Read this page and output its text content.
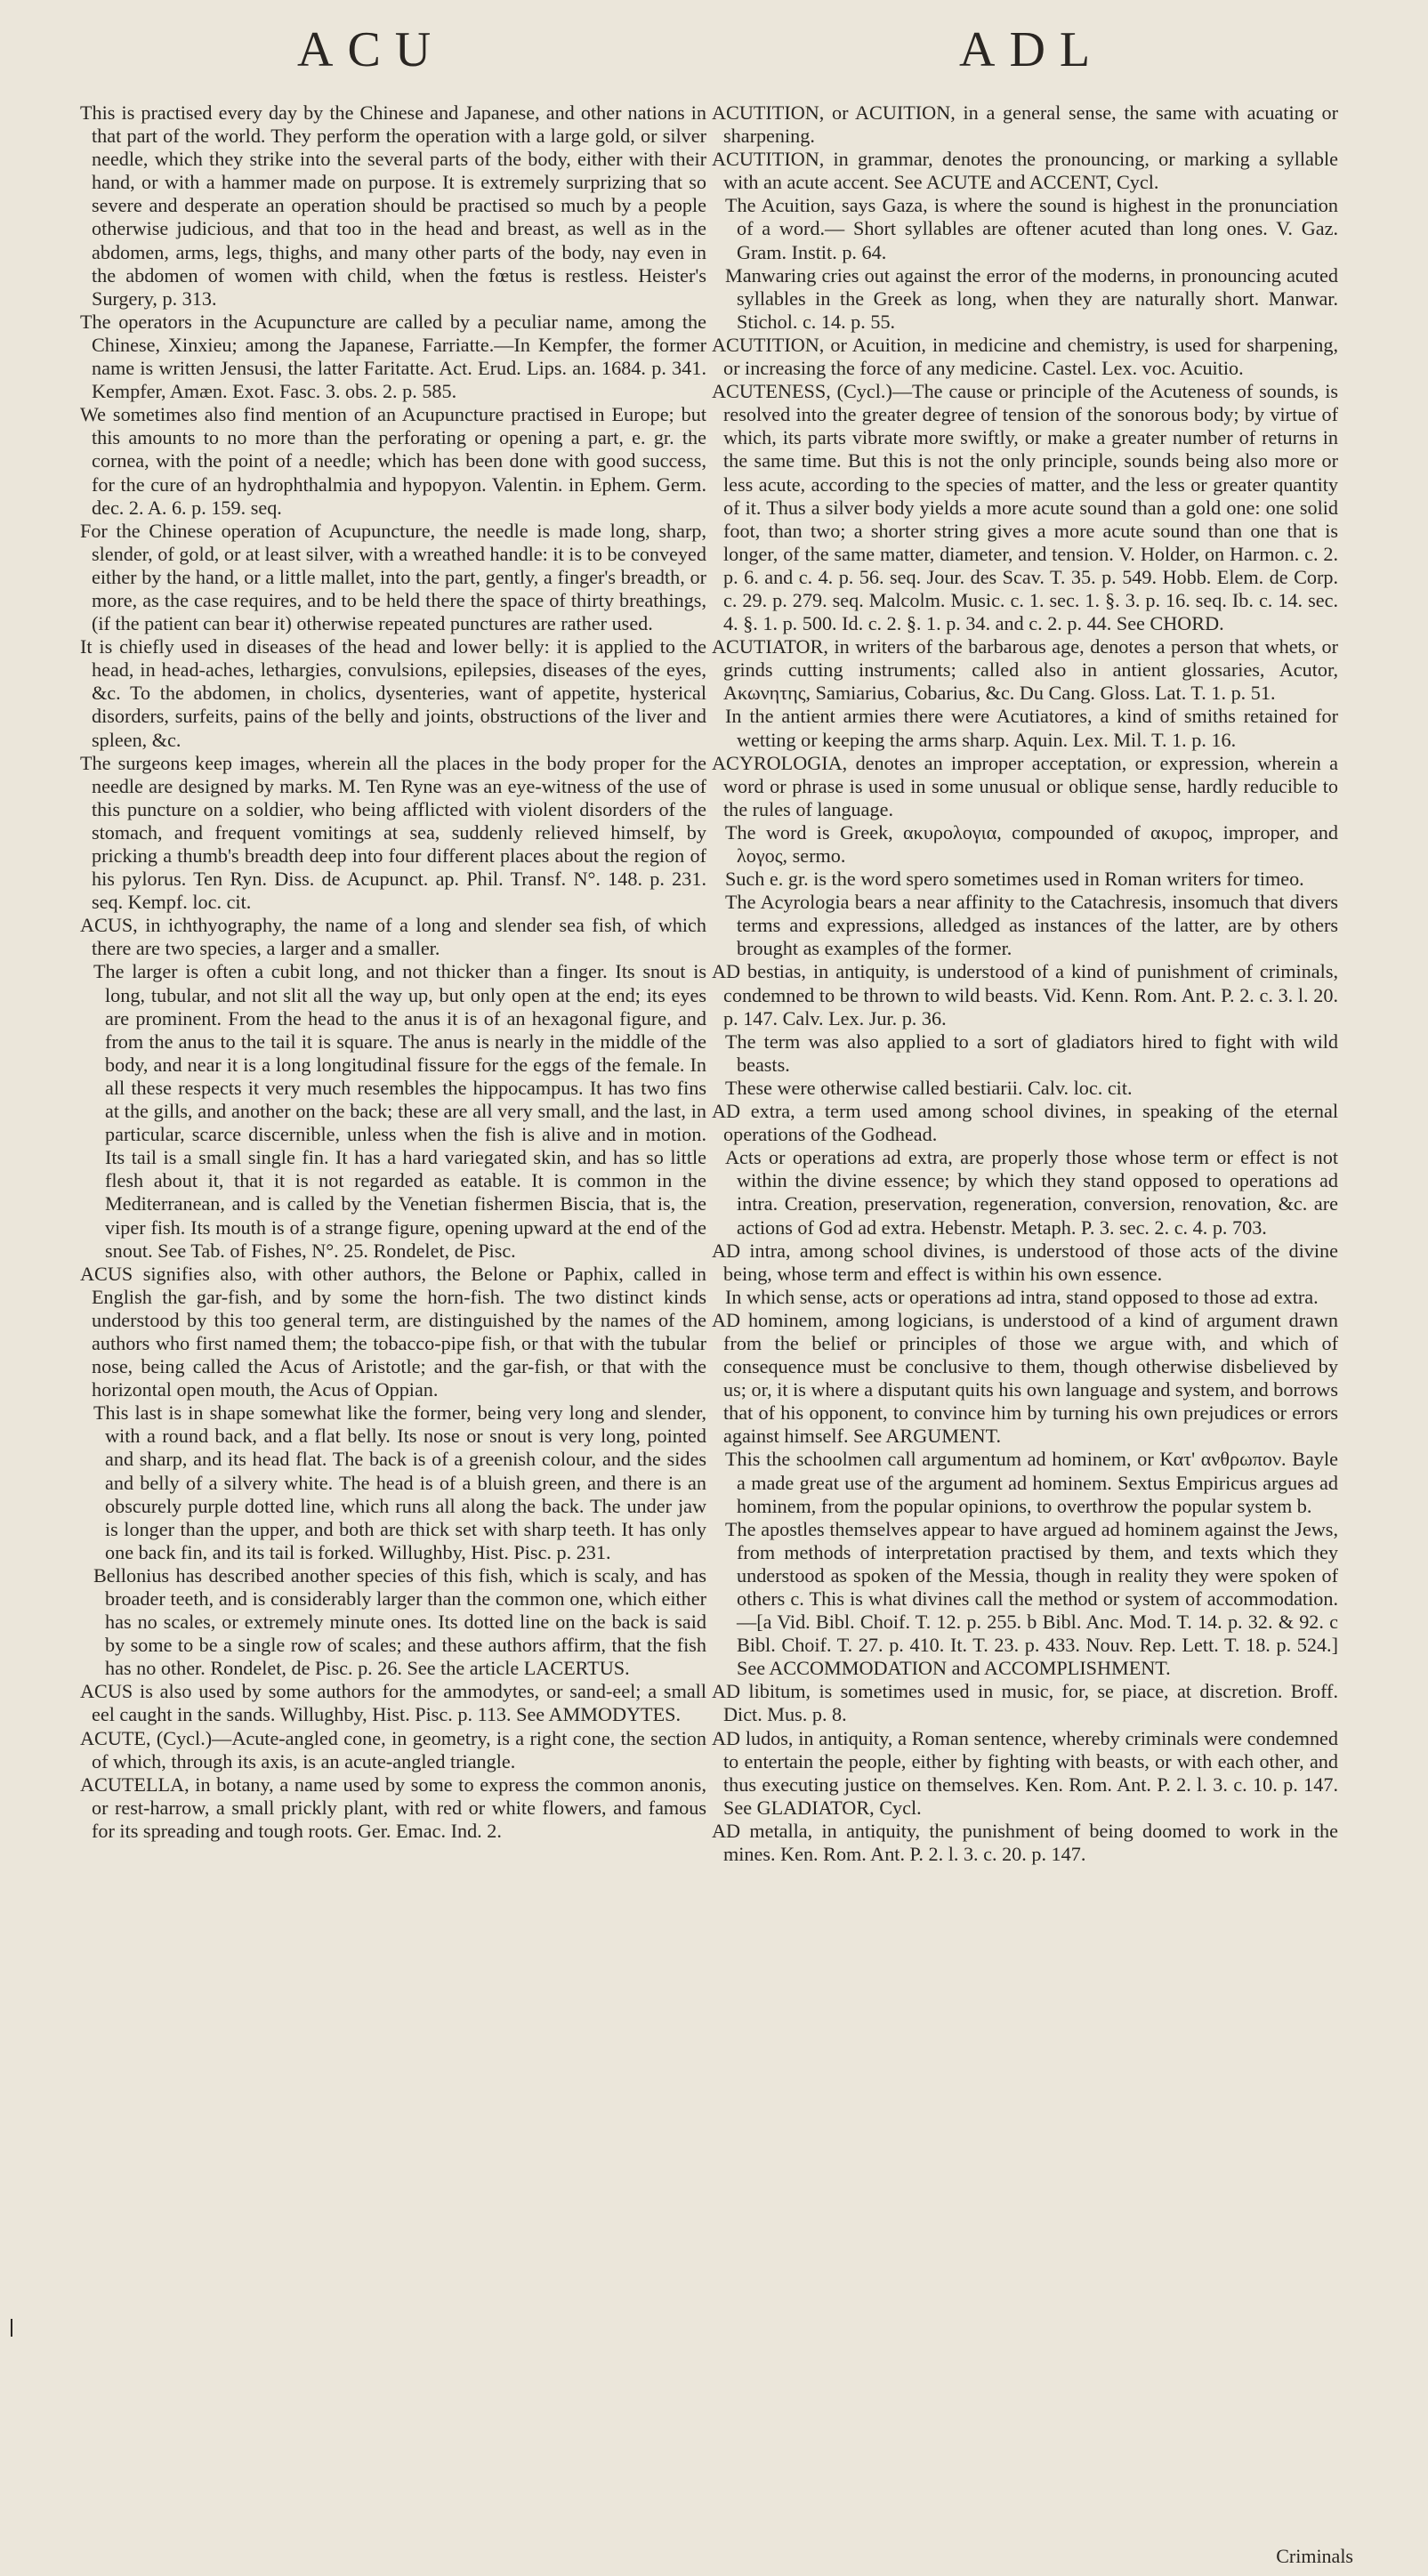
ACU	ADL

This is practised every day by the Chinese and Japanese, and other nations in that part of the world. They perform the operation with a large gold, or silver needle, which they strike into the several parts of the body, either with their hand, or with a hammer made on purpose. It is extremely surprizing that so severe and desperate an operation should be practised so much by a people otherwise judicious, and that too in the head and breast, as well as in the abdomen, arms, legs, thighs, and many other parts of the body, nay even in the abdomen of women with child, when the fœtus is restless. Heister's Surgery, p. 313.

The operators in the Acupuncture are called by a peculiar name, among the Chinese, Xinxieu; among the Japanese, Farriatte.—In Kempfer, the former name is written Jensusi, the latter Faritatte. Act. Erud. Lips. an. 1684. p. 341. Kempfer, Amæn. Exot. Fasc. 3. obs. 2. p. 585.

We sometimes also find mention of an Acupuncture practised in Europe; but this amounts to no more than the perforating or opening a part, e. gr. the cornea, with the point of a needle; which has been done with good success, for the cure of an hydrophthalmia and hypopyon. Valentin. in Ephem. Germ. dec. 2. A. 6. p. 159. seq.

For the Chinese operation of Acupuncture, the needle is made long, sharp, slender, of gold, or at least silver, with a wreathed handle: it is to be conveyed either by the hand, or a little mallet, into the part, gently, a finger's breadth, or more, as the case requires, and to be held there the space of thirty breathings, (if the patient can bear it) otherwise repeated punctures are rather used.

It is chiefly used in diseases of the head and lower belly: it is applied to the head, in head-aches, lethargies, convulsions, epilepsies, diseases of the eyes, &c. To the abdomen, in cholics, dysenteries, want of appetite, hysterical disorders, surfeits, pains of the belly and joints, obstructions of the liver and spleen, &c.

The surgeons keep images, wherein all the places in the body proper for the needle are designed by marks. M. Ten Ryne was an eye-witness of the use of this puncture on a soldier, who being afflicted with violent disorders of the stomach, and frequent vomitings at sea, suddenly relieved himself, by pricking a thumb's breadth deep into four different places about the region of his pylorus. Ten Ryn. Diss. de Acupunct. ap. Phil. Transf. N°. 148. p. 231. seq. Kempf. loc. cit.

ACUS, in ichthyography, the name of a long and slender sea fish, of which there are two species, a larger and a smaller.

The larger is often a cubit long, and not thicker than a finger. Its snout is long, tubular, and not slit all the way up, but only open at the end; its eyes are prominent. From the head to the anus it is of an hexagonal figure, and from the anus to the tail it is square. The anus is nearly in the middle of the body, and near it is a long longitudinal fissure for the eggs of the female. In all these respects it very much resembles the hippocampus. It has two fins at the gills, and another on the back; these are all very small, and the last, in particular, scarce discernible, unless when the fish is alive and in motion. Its tail is a small single fin. It has a hard variegated skin, and has so little flesh about it, that it is not regarded as eatable. It is common in the Mediterranean, and is called by the Venetian fishermen Biscia, that is, the viper fish. Its mouth is of a strange figure, opening upward at the end of the snout. See Tab. of Fishes, N°. 25. Rondelet, de Pisc.

ACUS signifies also, with other authors, the Belone or Paphix, called in English the gar-fish, and by some the horn-fish. The two distinct kinds understood by this too general term, are distinguished by the names of the authors who first named them; the tobacco-pipe fish, or that with the tubular nose, being called the Acus of Aristotle; and the gar-fish, or that with the horizontal open mouth, the Acus of Oppian.

This last is in shape somewhat like the former, being very long and slender, with a round back, and a flat belly. Its nose or snout is very long, pointed and sharp, and its head flat. The back is of a greenish colour, and the sides and belly of a silvery white. The head is of a bluish green, and there is an obscurely purple dotted line, which runs all along the back. The under jaw is longer than the upper, and both are thick set with sharp teeth. It has only one back fin, and its tail is forked. Willughby, Hist. Pisc. p. 231.

Bellonius has described another species of this fish, which is scaly, and has broader teeth, and is considerably larger than the common one, which either has no scales, or extremely minute ones. Its dotted line on the back is said by some to be a single row of scales; and these authors affirm, that the fish has no other. Rondelet, de Pisc. p. 26. See the article LACERTUS.

ACUS is also used by some authors for the ammodytes, or sand-eel; a small eel caught in the sands. Willughby, Hist. Pisc. p. 113. See AMMODYTES.

ACUTE, (Cycl.)—Acute-angled cone, in geometry, is a right cone, the section of which, through its axis, is an acute-angled triangle.

ACUTELLA, in botany, a name used by some to express the common anonis, or rest-harrow, a small prickly plant, with red or white flowers, and famous for its spreading and tough roots. Ger. Emac. Ind. 2.

ACUTITION, or ACUITION, in a general sense, the same with acuating or sharpening.

ACUTITION, in grammar, denotes the pronouncing, or marking a syllable with an acute accent. See ACUTE and ACCENT, Cycl.

The Acuition, says Gaza, is where the sound is highest in the pronunciation of a word.— Short syllables are oftener acuted than long ones. V. Gaz. Gram. Instit. p. 64.

Manwaring cries out against the error of the moderns, in pronouncing acuted syllables in the Greek as long, when they are naturally short. Manwar. Stichol. c. 14. p. 55.

ACUTITION, or Acuition, in medicine and chemistry, is used for sharpening, or increasing the force of any medicine. Castel. Lex. voc. Acuitio.

ACUTENESS, (Cycl.)—The cause or principle of the Acuteness of sounds, is resolved into the greater degree of tension of the sonorous body; by virtue of which, its parts vibrate more swiftly, or make a greater number of returns in the same time. But this is not the only principle, sounds being also more or less acute, according to the species of matter, and the less or greater quantity of it. Thus a silver body yields a more acute sound than a gold one: one solid foot, than two; a shorter string gives a more acute sound than one that is longer, of the same matter, diameter, and tension. V. Holder, on Harmon. c. 2. p. 6. and c. 4. p. 56. seq. Jour. des Scav. T. 35. p. 549. Hobb. Elem. de Corp. c. 29. p. 279. seq. Malcolm. Music. c. 1. sec. 1. §. 3. p. 16. seq. Ib. c. 14. sec. 4. §. 1. p. 500. Id. c. 2. §. 1. p. 34. and c. 2. p. 44. See CHORD.

ACUTIATOR, in writers of the barbarous age, denotes a person that whets, or grinds cutting instruments; called also in antient glossaries, Acutor, Ακωνητης, Samiarius, Cobarius, &c. Du Cang. Gloss. Lat. T. 1. p. 51.

In the antient armies there were Acutiatores, a kind of smiths retained for wetting or keeping the arms sharp. Aquin. Lex. Mil. T. 1. p. 16.

ACYROLOGIA, denotes an improper acceptation, or expression, wherein a word or phrase is used in some unusual or oblique sense, hardly reducible to the rules of language.

The word is Greek, ακυρολογια, compounded of ακυρος, improper, and λογος, sermo.

Such e. gr. is the word spero sometimes used in Roman writers for timeo.

The Acyrologia bears a near affinity to the Catachresis, insomuch that divers terms and expressions, alledged as instances of the latter, are by others brought as examples of the former.

AD bestias, in antiquity, is understood of a kind of punishment of criminals, condemned to be thrown to wild beasts. Vid. Kenn. Rom. Ant. P. 2. c. 3. l. 20. p. 147. Calv. Lex. Jur. p. 36.

The term was also applied to a sort of gladiators hired to fight with wild beasts.

These were otherwise called bestiarii. Calv. loc. cit.

AD extra, a term used among school divines, in speaking of the eternal operations of the Godhead.

Acts or operations ad extra, are properly those whose term or effect is not within the divine essence; by which they stand opposed to operations ad intra. Creation, preservation, regeneration, conversion, renovation, &c. are actions of God ad extra. Hebenstr. Metaph. P. 3. sec. 2. c. 4. p. 703.

AD intra, among school divines, is understood of those acts of the divine being, whose term and effect is within his own essence.

In which sense, acts or operations ad intra, stand opposed to those ad extra.

AD hominem, among logicians, is understood of a kind of argument drawn from the belief or principles of those we argue with, and which of consequence must be conclusive to them, though otherwise disbelieved by us; or, it is where a disputant quits his own language and system, and borrows that of his opponent, to convince him by turning his own prejudices or errors against himself. See ARGUMENT.

This the schoolmen call argumentum ad hominem, or Κατ' ανθρωπον. Bayle a made great use of the argument ad hominem. Sextus Empiricus argues ad hominem, from the popular opinions, to overthrow the popular system b.

The apostles themselves appear to have argued ad hominem against the Jews, from methods of interpretation practised by them, and texts which they understood as spoken of the Messia, though in reality they were spoken of others c. This is what divines call the method or system of accommodation. —[a Vid. Bibl. Choif. T. 12. p. 255. b Bibl. Anc. Mod. T. 14. p. 32. & 92. c Bibl. Choif. T. 27. p. 410. It. T. 23. p. 433. Nouv. Rep. Lett. T. 18. p. 524.] See ACCOMMODATION and ACCOMPLISHMENT.

AD libitum, is sometimes used in music, for, se piace, at discretion. Broff. Dict. Mus. p. 8.

AD ludos, in antiquity, a Roman sentence, whereby criminals were condemned to entertain the people, either by fighting with beasts, or with each other, and thus executing justice on themselves. Ken. Rom. Ant. P. 2. l. 3. c. 10. p. 147. See GLADIATOR, Cycl.

AD metalla, in antiquity, the punishment of being doomed to work in the mines. Ken. Rom. Ant. P. 2. l. 3. c. 20. p. 147.

Criminals
